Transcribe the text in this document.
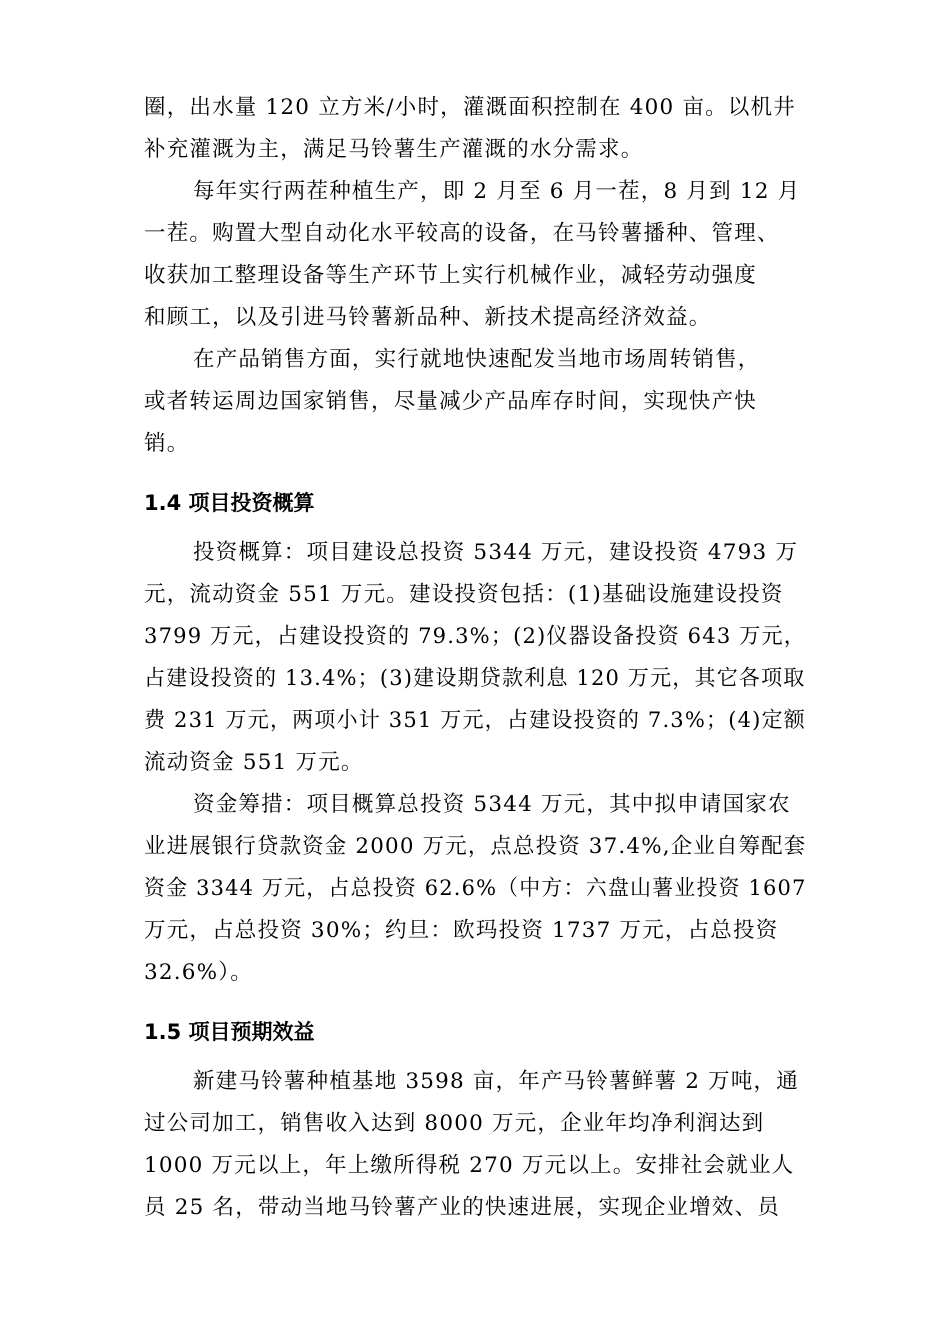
圈，出水量 120 立方米/小时，灌溉面积控制在 400 亩。以机井
补充灌溉为主，满足马铃薯生产灌溉的水分需求。
每年实行两茬种植生产，即 2 月至 6 月一茬，8 月到 12 月
一茬。购置大型自动化水平较高的设备，在马铃薯播种、管理、
收获加工整理设备等生产环节上实行机械作业，减轻劳动强度
和顾工，以及引进马铃薯新品种、新技术提高经济效益。
在产品销售方面，实行就地快速配发当地市场周转销售，
或者转运周边国家销售，尽量减少产品库存时间，实现快产快
销。
1.4 项目投资概算
投资概算：项目建设总投资 5344 万元，建设投资 4793 万
元，流动资金 551 万元。建设投资包括：(1)基础设施建设投资
3799 万元，占建设投资的 79.3%；(2)仪器设备投资 643 万元，
占建设投资的 13.4%；(3)建设期贷款利息 120 万元，其它各项取
费 231 万元，两项小计 351 万元，占建设投资的 7.3%；(4)定额
流动资金 551 万元。
资金筹措：项目概算总投资 5344 万元，其中拟申请国家农
业进展银行贷款资金 2000 万元，点总投资 37.4%,企业自筹配套
资金 3344 万元，占总投资 62.6%（中方：六盘山薯业投资 1607
万元，占总投资 30%；约旦：欧玛投资 1737 万元，占总投资
32.6%）。
1.5 项目预期效益
新建马铃薯种植基地 3598 亩，年产马铃薯鲜薯 2 万吨，通
过公司加工，销售收入达到 8000 万元，企业年均净利润达到
1000 万元以上，年上缴所得税 270 万元以上。安排社会就业人
员 25 名，带动当地马铃薯产业的快速进展，实现企业增效、员
